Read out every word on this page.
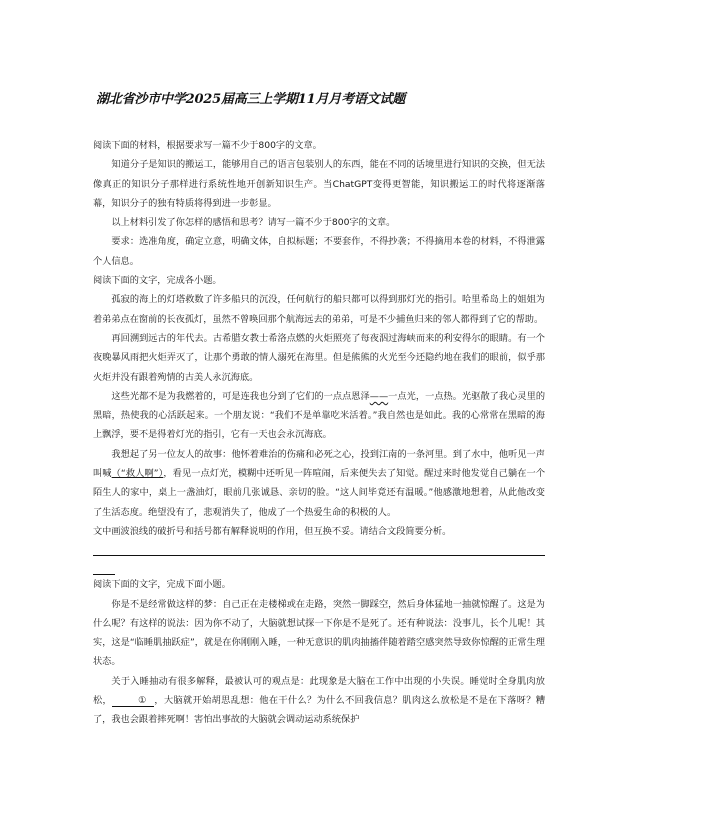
湖北省沙市中学2025届高三上学期11月月考语文试题

阅读下面的材料，根据要求写一篇不少于800字的文章。

知道分子是知识的搬运工，能够用自己的语言包装别人的东西，能在不同的话境里进行知识的交换，但无法像真正的知识分子那样进行系统性地开创新知识生产。当ChatGPT变得更智能，知识搬运工的时代将逐渐落幕，知识分子的独有特质将得到进一步彰显。

以上材料引发了你怎样的感悟和思考？请写一篇不少于800字的文章。

要求：选准角度，确定立意，明确文体，自拟标题；不要套作，不得抄袭；不得摘用本卷的材料，不得泄露个人信息。

阅读下面的文字，完成各小题。

孤寂的海上的灯塔救数了许多船只的沉没，任何航行的船只都可以得到那灯光的指引。哈里希岛上的姐姐为着弟弟点在窗前的长夜孤灯，虽然不曾唤回那个航海远去的弟弟，可是不少捕鱼归来的邻人都得到了它的帮助。

再回溯到远古的年代去。古希腊女教士希洛点燃的火炬照亮了每夜泅过海峡而来的利安得尔的眼睛。有一个夜晚暴风雨把火炬弄灭了，让那个勇敢的情人溺死在海里。但是熊熊的火光至今还隐约地在我们的眼前，似乎那火炬并没有跟着殉情的古美人永沉海底。

这些光都不是为我燃着的，可是连我也分到了它们的一点点恩泽——一点光，一点热。光驱散了我心灵里的黑暗，热使我的心活跃起来。一个朋友说：“我们不是单靠吃米活着。”我自然也是如此。我的心常常在黑暗的海上飘浮，要不是得着灯光的指引，它有一天也会永沉海底。

我想起了另一位友人的故事：他怀着难治的伤痛和必死之心，投到江南的一条河里。到了水中，他听见一声叫喊（“救人啊”），看见一点灯光，模糊中还听见一阵喧闹，后来便失去了知觉。醒过来时他发觉自己躺在一个陌生人的家中，桌上一盏油灯，眼前几张诚恳、亲切的脸。“这人间毕竟还有温暖。”他感激地想着，从此他改变了生活态度。绝望没有了，悲观消失了，他成了一个热爱生命的积极的人。

文中画波浪线的破折号和括号都有解释说明的作用，但互换不妥。请结合文段简要分析。

阅读下面的文字，完成下面小题。

你是不是经常做这样的梦：自己正在走楼梯或在走路，突然一脚踩空，然后身体猛地一抽就惊醒了。这是为什么呢？有这样的说法：因为你不动了，大脑就想试探一下你是不是死了。还有种说法：没事儿，长个儿呢！其实，这是“临睡肌抽跃症”，就是在你刚刚入睡，一种无意识的肌肉抽搐伴随着踏空感突然导致你惊醒的正常生理状态。

关于入睡抽动有很多解释，最被认可的观点是：此现象是大脑在工作中出现的小失误。睡觉时全身肌肉放松，	① ，大脑就开始胡思乱想：他在干什么？为什么不回我信息？肌肉这么放松是不是在下落呀？糟了，我也会跟着摔死啊！害怕出事故的大脑就会调动运动系统保护
